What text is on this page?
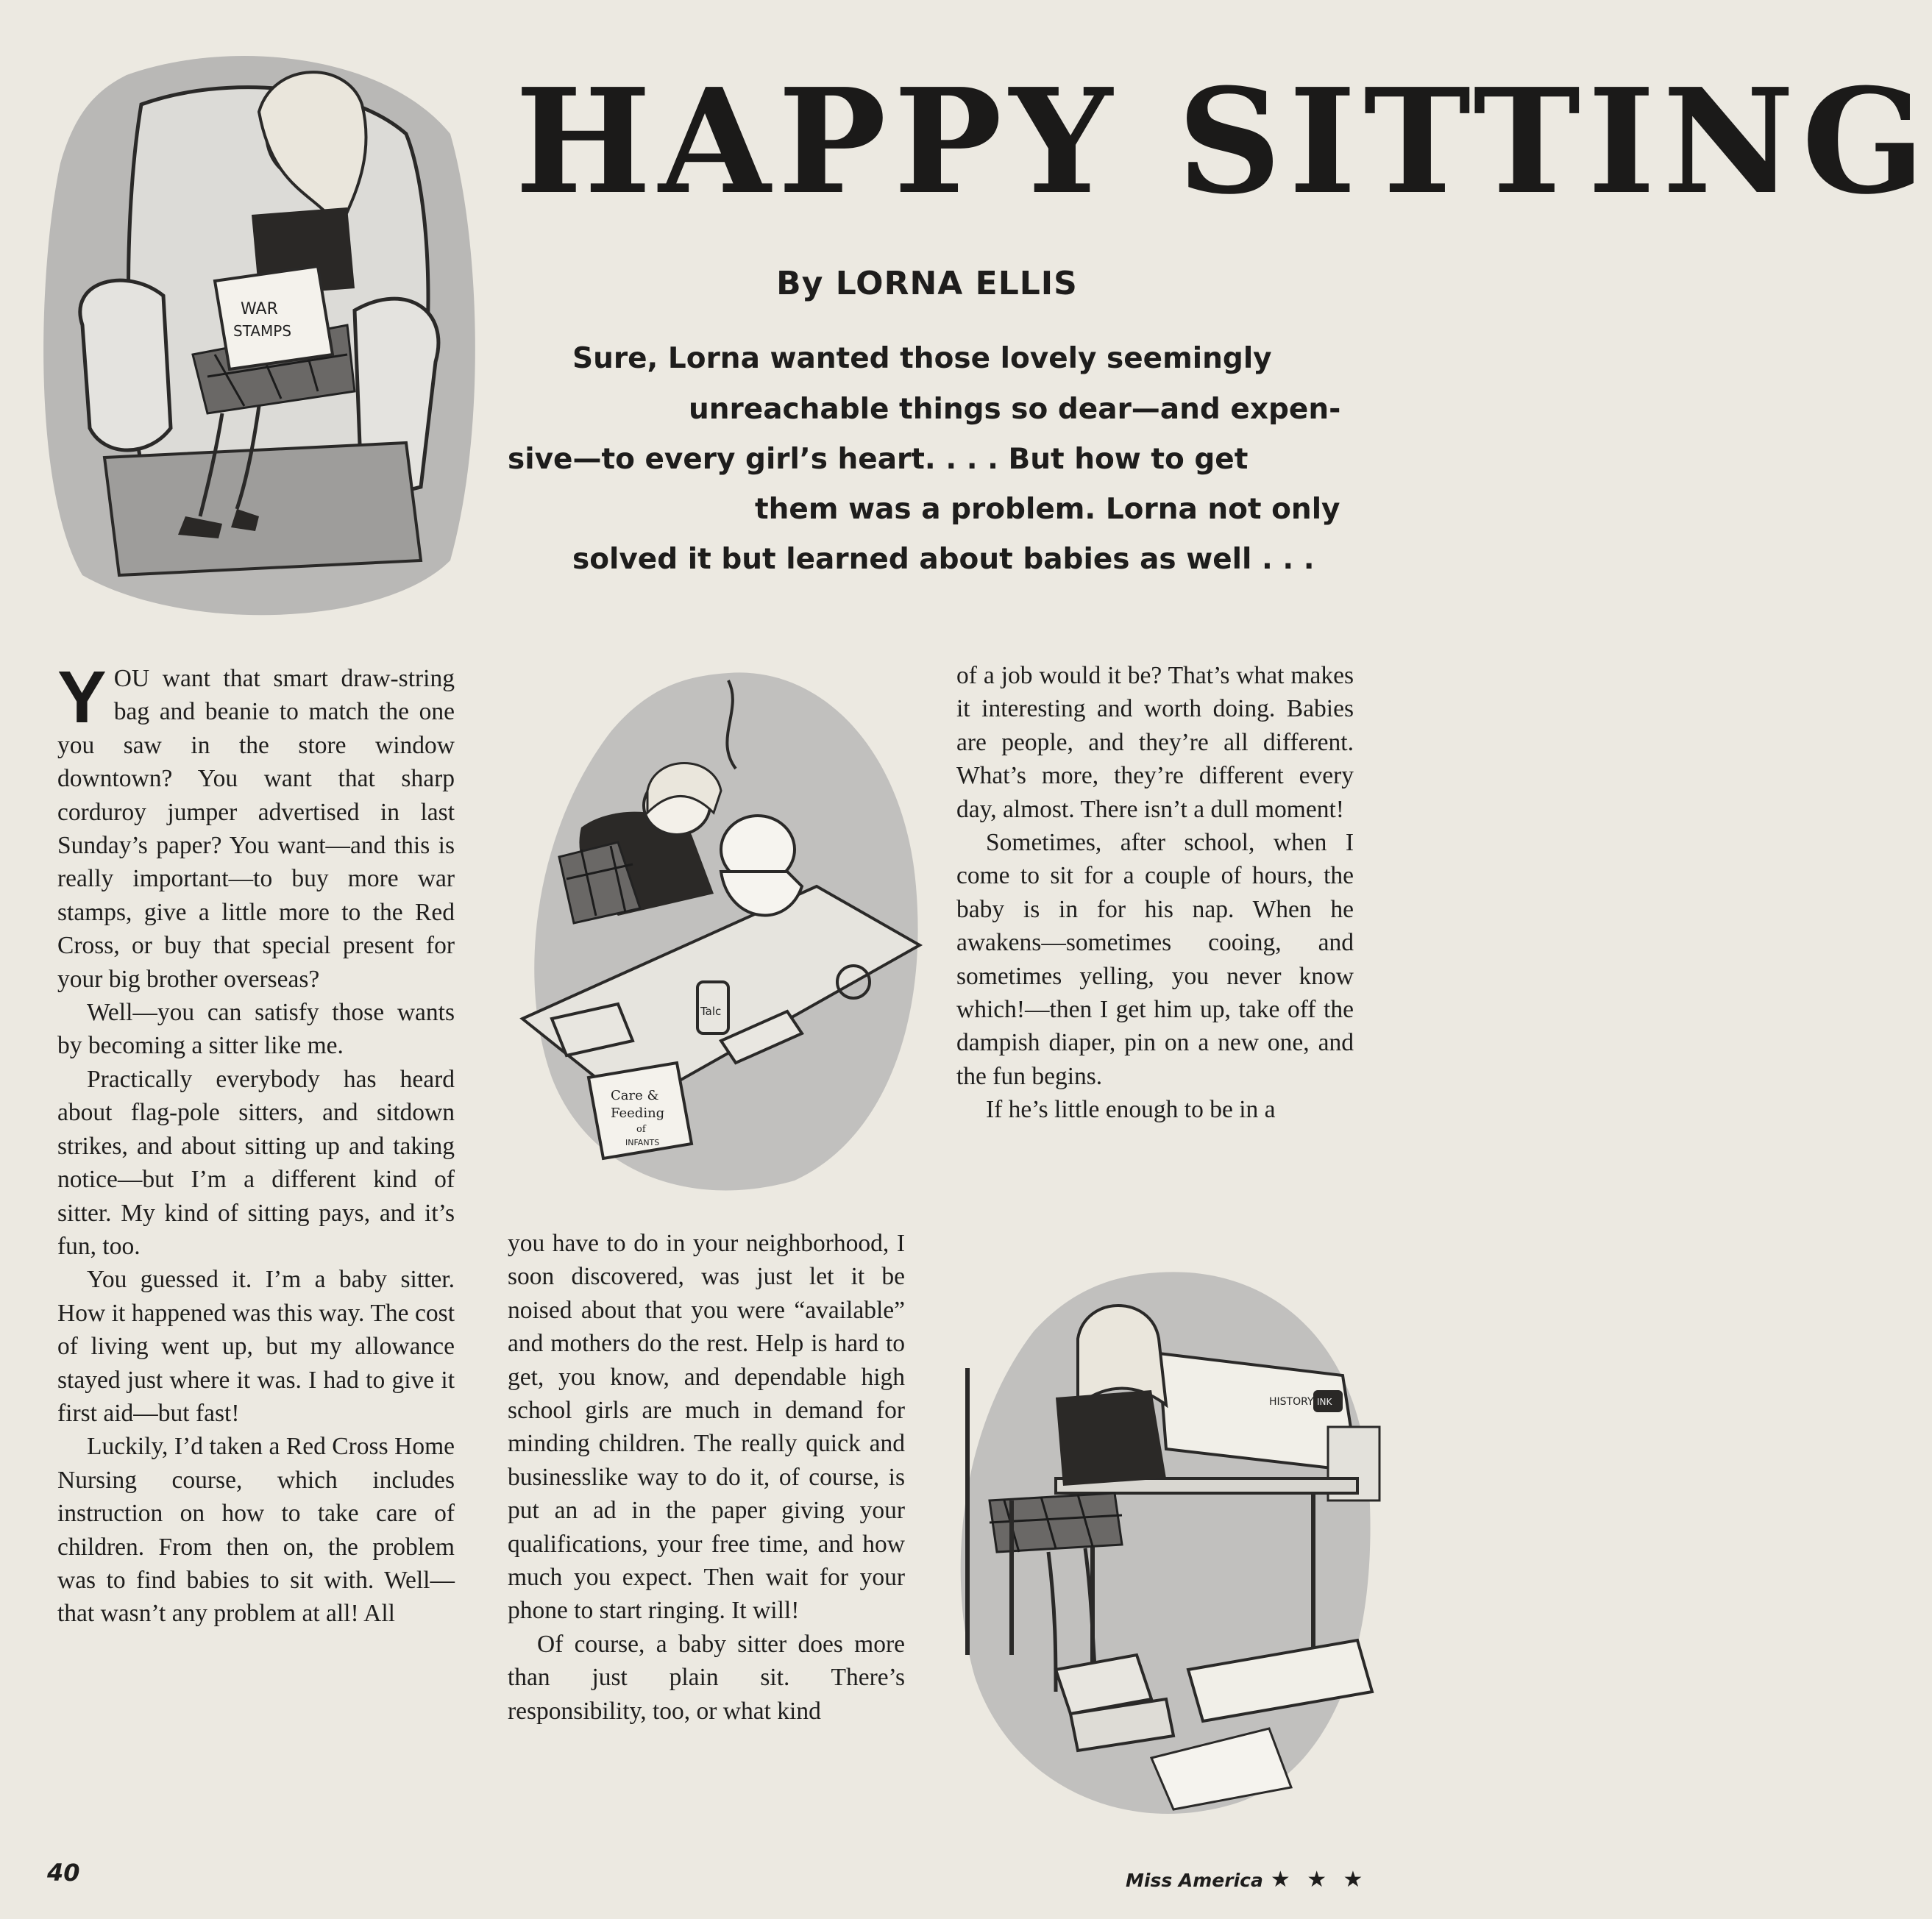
WAR
STAMPS
HAPPY SITTING
By LORNA ELLIS
Sure, Lorna wanted those lovely seemingly
unreachable things so dear—and expen-
sive—to every girl’s heart. . . . But how to get
them was a problem. Lorna not only
solved it but learned about babies as well . . .
Care &
Feeding
of
INFANTS
Talc
HISTORY INK

YOU want that smart draw-string bag and beanie to match the one you saw in the store window downtown? You want that sharp corduroy jumper advertised in last Sunday’s paper? You want—and this is really important—to buy more war stamps, give a little more to the Red Cross, or buy that special present for your big brother overseas?

Well—you can satisfy those wants by becoming a sitter like me.

Practically everybody has heard about flag-pole sitters, and sitdown strikes, and about sitting up and taking notice—but I’m a different kind of sitter. My kind of sitting pays, and it’s fun, too.

You guessed it. I’m a baby sitter. How it happened was this way. The cost of living went up, but my allowance stayed just where it was. I had to give it first aid—but fast!

Luckily, I’d taken a Red Cross Home Nursing course, which includes instruction on how to take care of children. From then on, the problem was to find babies to sit with. Well—that wasn’t any problem at all! All

you have to do in your neighborhood, I soon discovered, was just let it be noised about that you were “available” and mothers do the rest. Help is hard to get, you know, and dependable high school girls are much in demand for minding children. The really quick and businesslike way to do it, of course, is put an ad in the paper giving your qualifications, your free time, and how much you expect. Then wait for your phone to start ringing. It will!

Of course, a baby sitter does more than just plain sit. There’s responsibility, too, or what kind

of a job would it be? That’s what makes it interesting and worth doing. Babies are people, and they’re all different. What’s more, they’re different every day, almost. There isn’t a dull moment!

Sometimes, after school, when I come to sit for a couple of hours, the baby is in for his nap. When he awakens—sometimes cooing, and sometimes yelling, you never know which!—then I get him up, take off the dampish diaper, pin on a new one, and the fun begins.

If he’s little enough to be in a

40	Miss America ★ ★ ★
